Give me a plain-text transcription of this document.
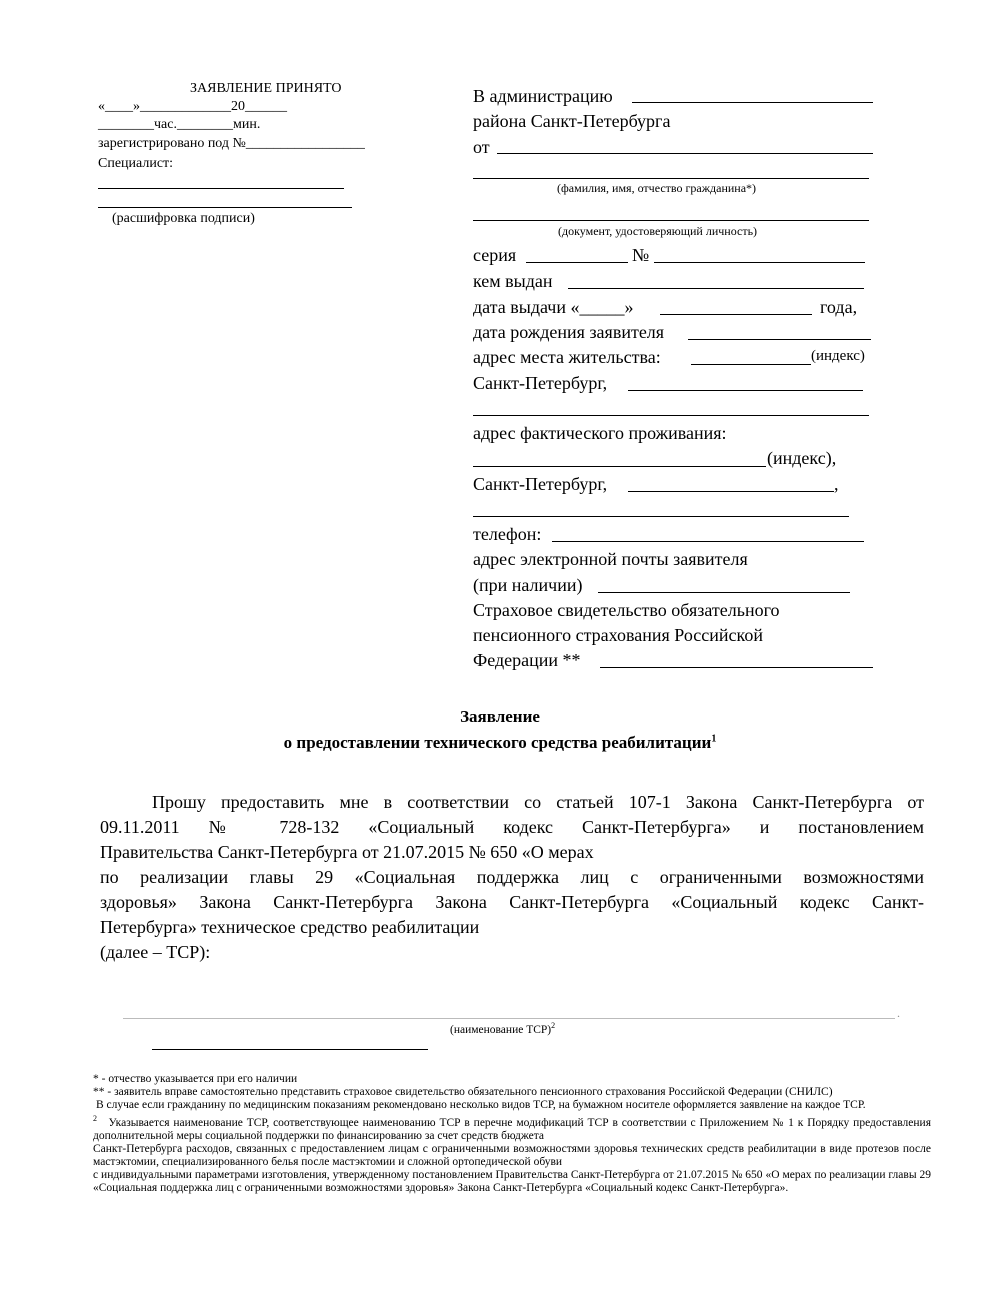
ЗАЯВЛЕНИЕ ПРИНЯТО
«____»_____________20______
________час.________мин.
зарегистрировано под №_________________
Специалист:
(расшифровка подписи)
В администрацию
района Санкт-Петербурга
от
(фамилия, имя, отчество гражданина*)
(документ, удостоверяющий личность)
серия	№
кем выдан
дата выдачи «_____»	года,
дата рождения заявителя
адрес места жительства:	(индекс)
Санкт-Петербург,
адрес фактического проживания:
(индекс),
Санкт-Петербург,	,
телефон:
адрес электронной почты заявителя
(при наличии)
Страховое свидетельство обязательного
пенсионного страхования Российской
Федерации **
Заявление
о предоставлении технического средства реабилитации$^1$

Прошу предоставить мне в соответствии со статьей 107-1 Закона Санкт-Петербурга от

09.11.2011 № 728-132 «Социальный кодекс Санкт-Петербурга» и постановлением

Правительства Санкт-Петербурга от 21.07.2015 № 650 «О мерах

по реализации главы 29 «Социальная поддержка лиц с ограниченными возможностями

здоровья» Закона Санкт-Петербурга Закона Санкт-Петербурга «Социальный кодекс Санкт-

Петербурга» техническое средство реабилитации

(далее – ТСР):

.
(наименование ТСР)$^2$

* - отчество указывается при его наличии

** - заявитель вправе самостоятельно представить страховое свидетельство обязательного пенсионного страхования Российской Федерации (СНИЛС)

В случае если гражданину по медицинским показаниям рекомендовано несколько видов ТСР, на бумажном носителе оформляется заявление на каждое ТСР.

$^2$ Указывается наименование ТСР, соответствующее наименованию ТСР в перечне модификаций ТСР в соответствии с Приложением № 1 к Порядку предоставления дополнительной меры социальной поддержки по финансированию за счет средств бюджета

Санкт-Петербурга расходов, связанных с предоставлением лицам с ограниченными возможностями здоровья технических средств реабилитации в виде протезов после мастэктомии, специализированного белья после мастэктомии и сложной ортопедической обуви

с индивидуальными параметрами изготовления, утвержденному постановлением Правительства Санкт-Петербурга от 21.07.2015 № 650 «О мерах по реализации главы 29 «Социальная поддержка лиц с ограниченными возможностями здоровья» Закона Санкт-Петербурга «Социальный кодекс Санкт-Петербурга».
